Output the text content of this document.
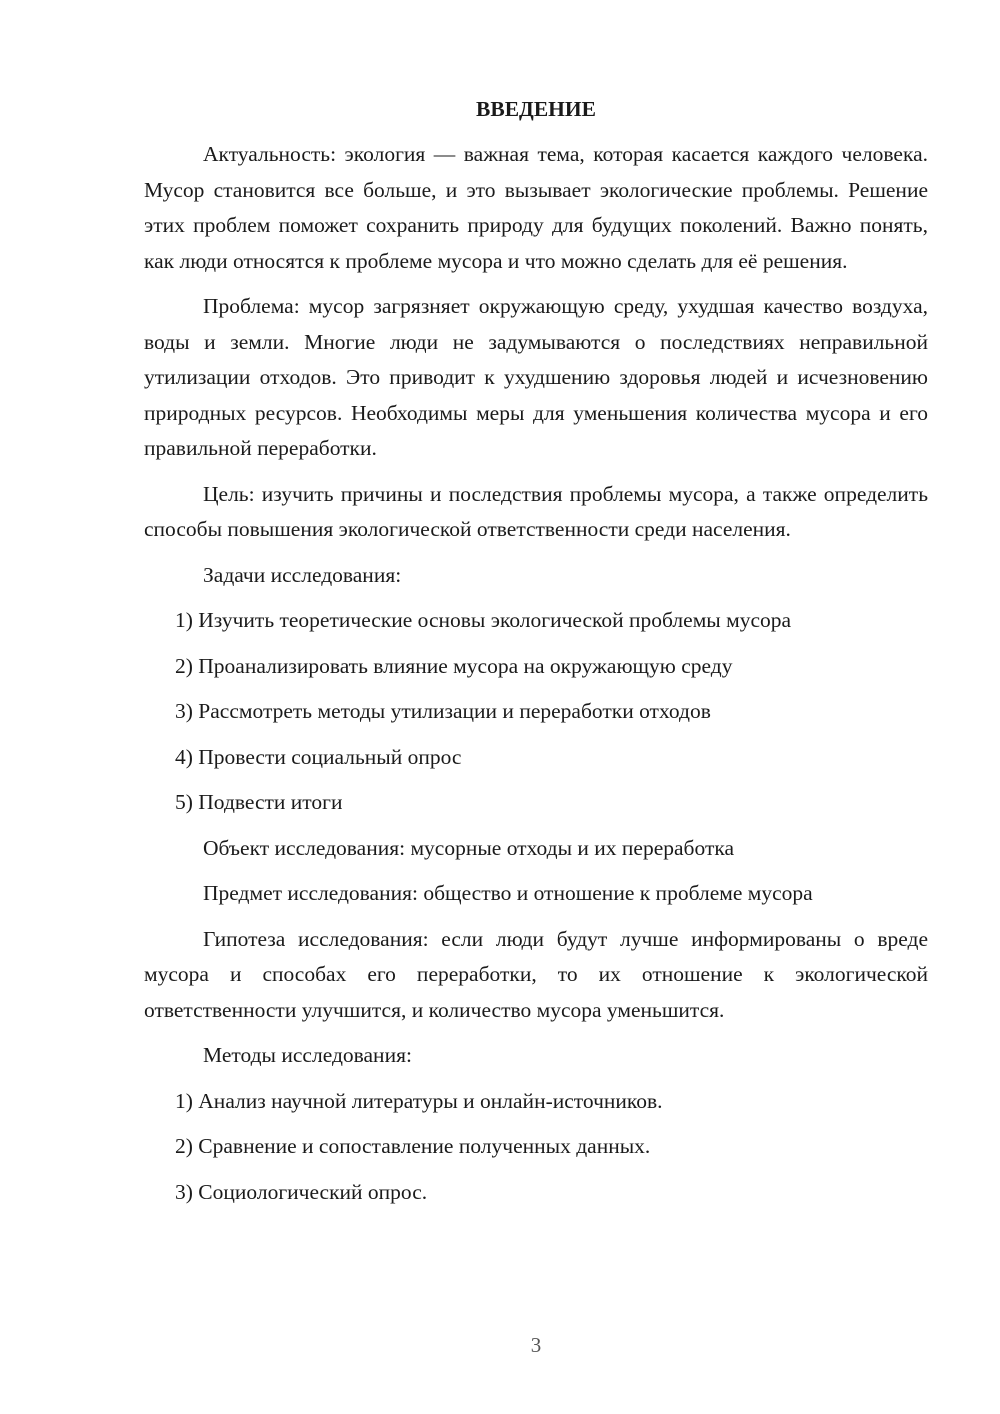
ВВЕДЕНИЕ

Актуальность: экология — важная тема, которая касается каждого человека. Мусор становится все больше, и это вызывает экологические проблемы. Решение этих проблем поможет сохранить природу для будущих поколений. Важно понять, как люди относятся к проблеме мусора и что можно сделать для её решения.

Проблема: мусор загрязняет окружающую среду, ухудшая качество воздуха, воды и земли. Многие люди не задумываются о последствиях неправильной утилизации отходов. Это приводит к ухудшению здоровья людей и исчезновению природных ресурсов. Необходимы меры для уменьшения количества мусора и его правильной переработки.

Цель: изучить причины и последствия проблемы мусора, а также определить способы повышения экологической ответственности среди населения.

Задачи исследования:
1) Изучить теоретические основы экологической проблемы мусора
2) Проанализировать влияние мусора на окружающую среду
3) Рассмотреть методы утилизации и переработки отходов
4) Провести социальный опрос
5) Подвести итоги
Объект исследования: мусорные отходы и их переработка
Предмет исследования: общество и отношение к проблеме мусора

Гипотеза исследования: если люди будут лучше информированы о вреде мусора и способах его переработки, то их отношение к экологической ответственности улучшится, и количество мусора уменьшится.

Методы исследования:
1) Анализ научной литературы и онлайн-источников.
2) Сравнение и сопоставление полученных данных.
3) Социологический опрос.
3
